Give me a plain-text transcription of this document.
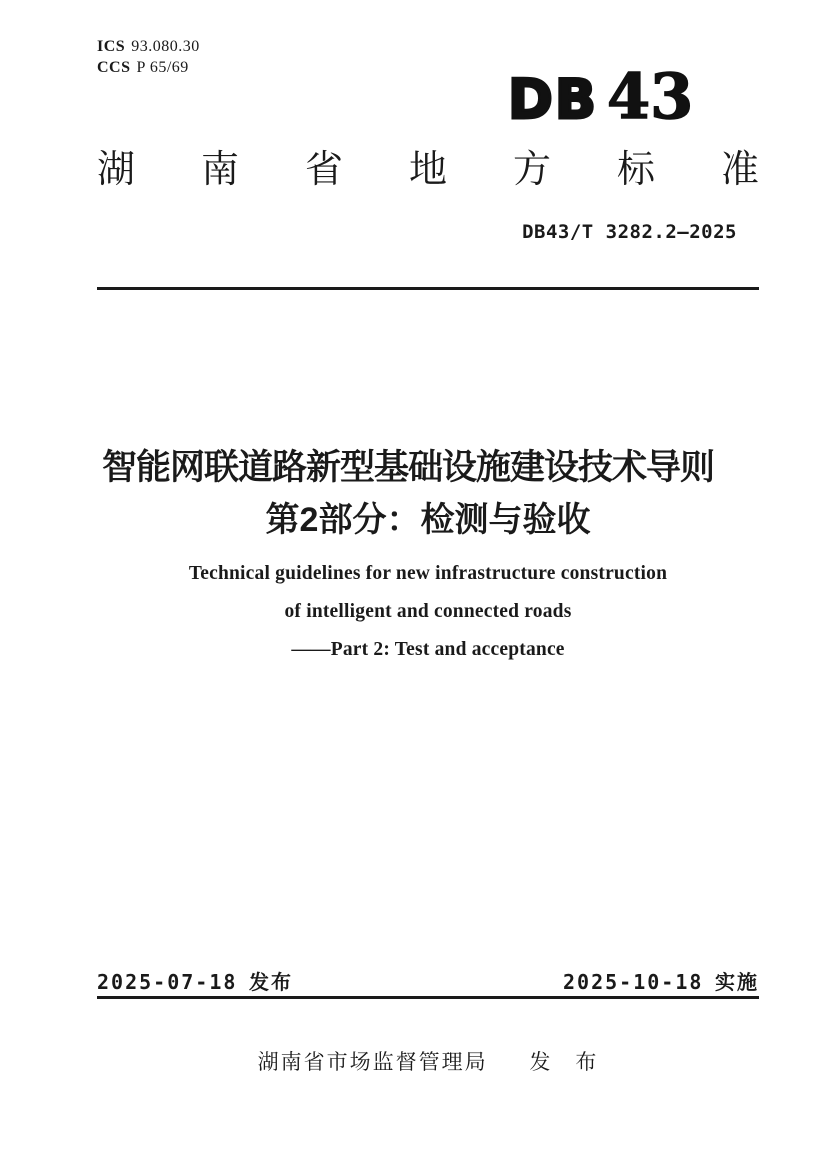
ICS 93.080.30
CCS P 65/69
DB 43
湖南省地方标准
DB43/T 3282.2—2025
智能网联道路新型基础设施建设技术导则
第2部分：检测与验收
Technical guidelines for new infrastructure construction
of intelligent and connected roads
——Part 2: Test and acceptance
2025-07-18 发布	2025-10-18 实施
湖南省市场监督管理局 发　布
